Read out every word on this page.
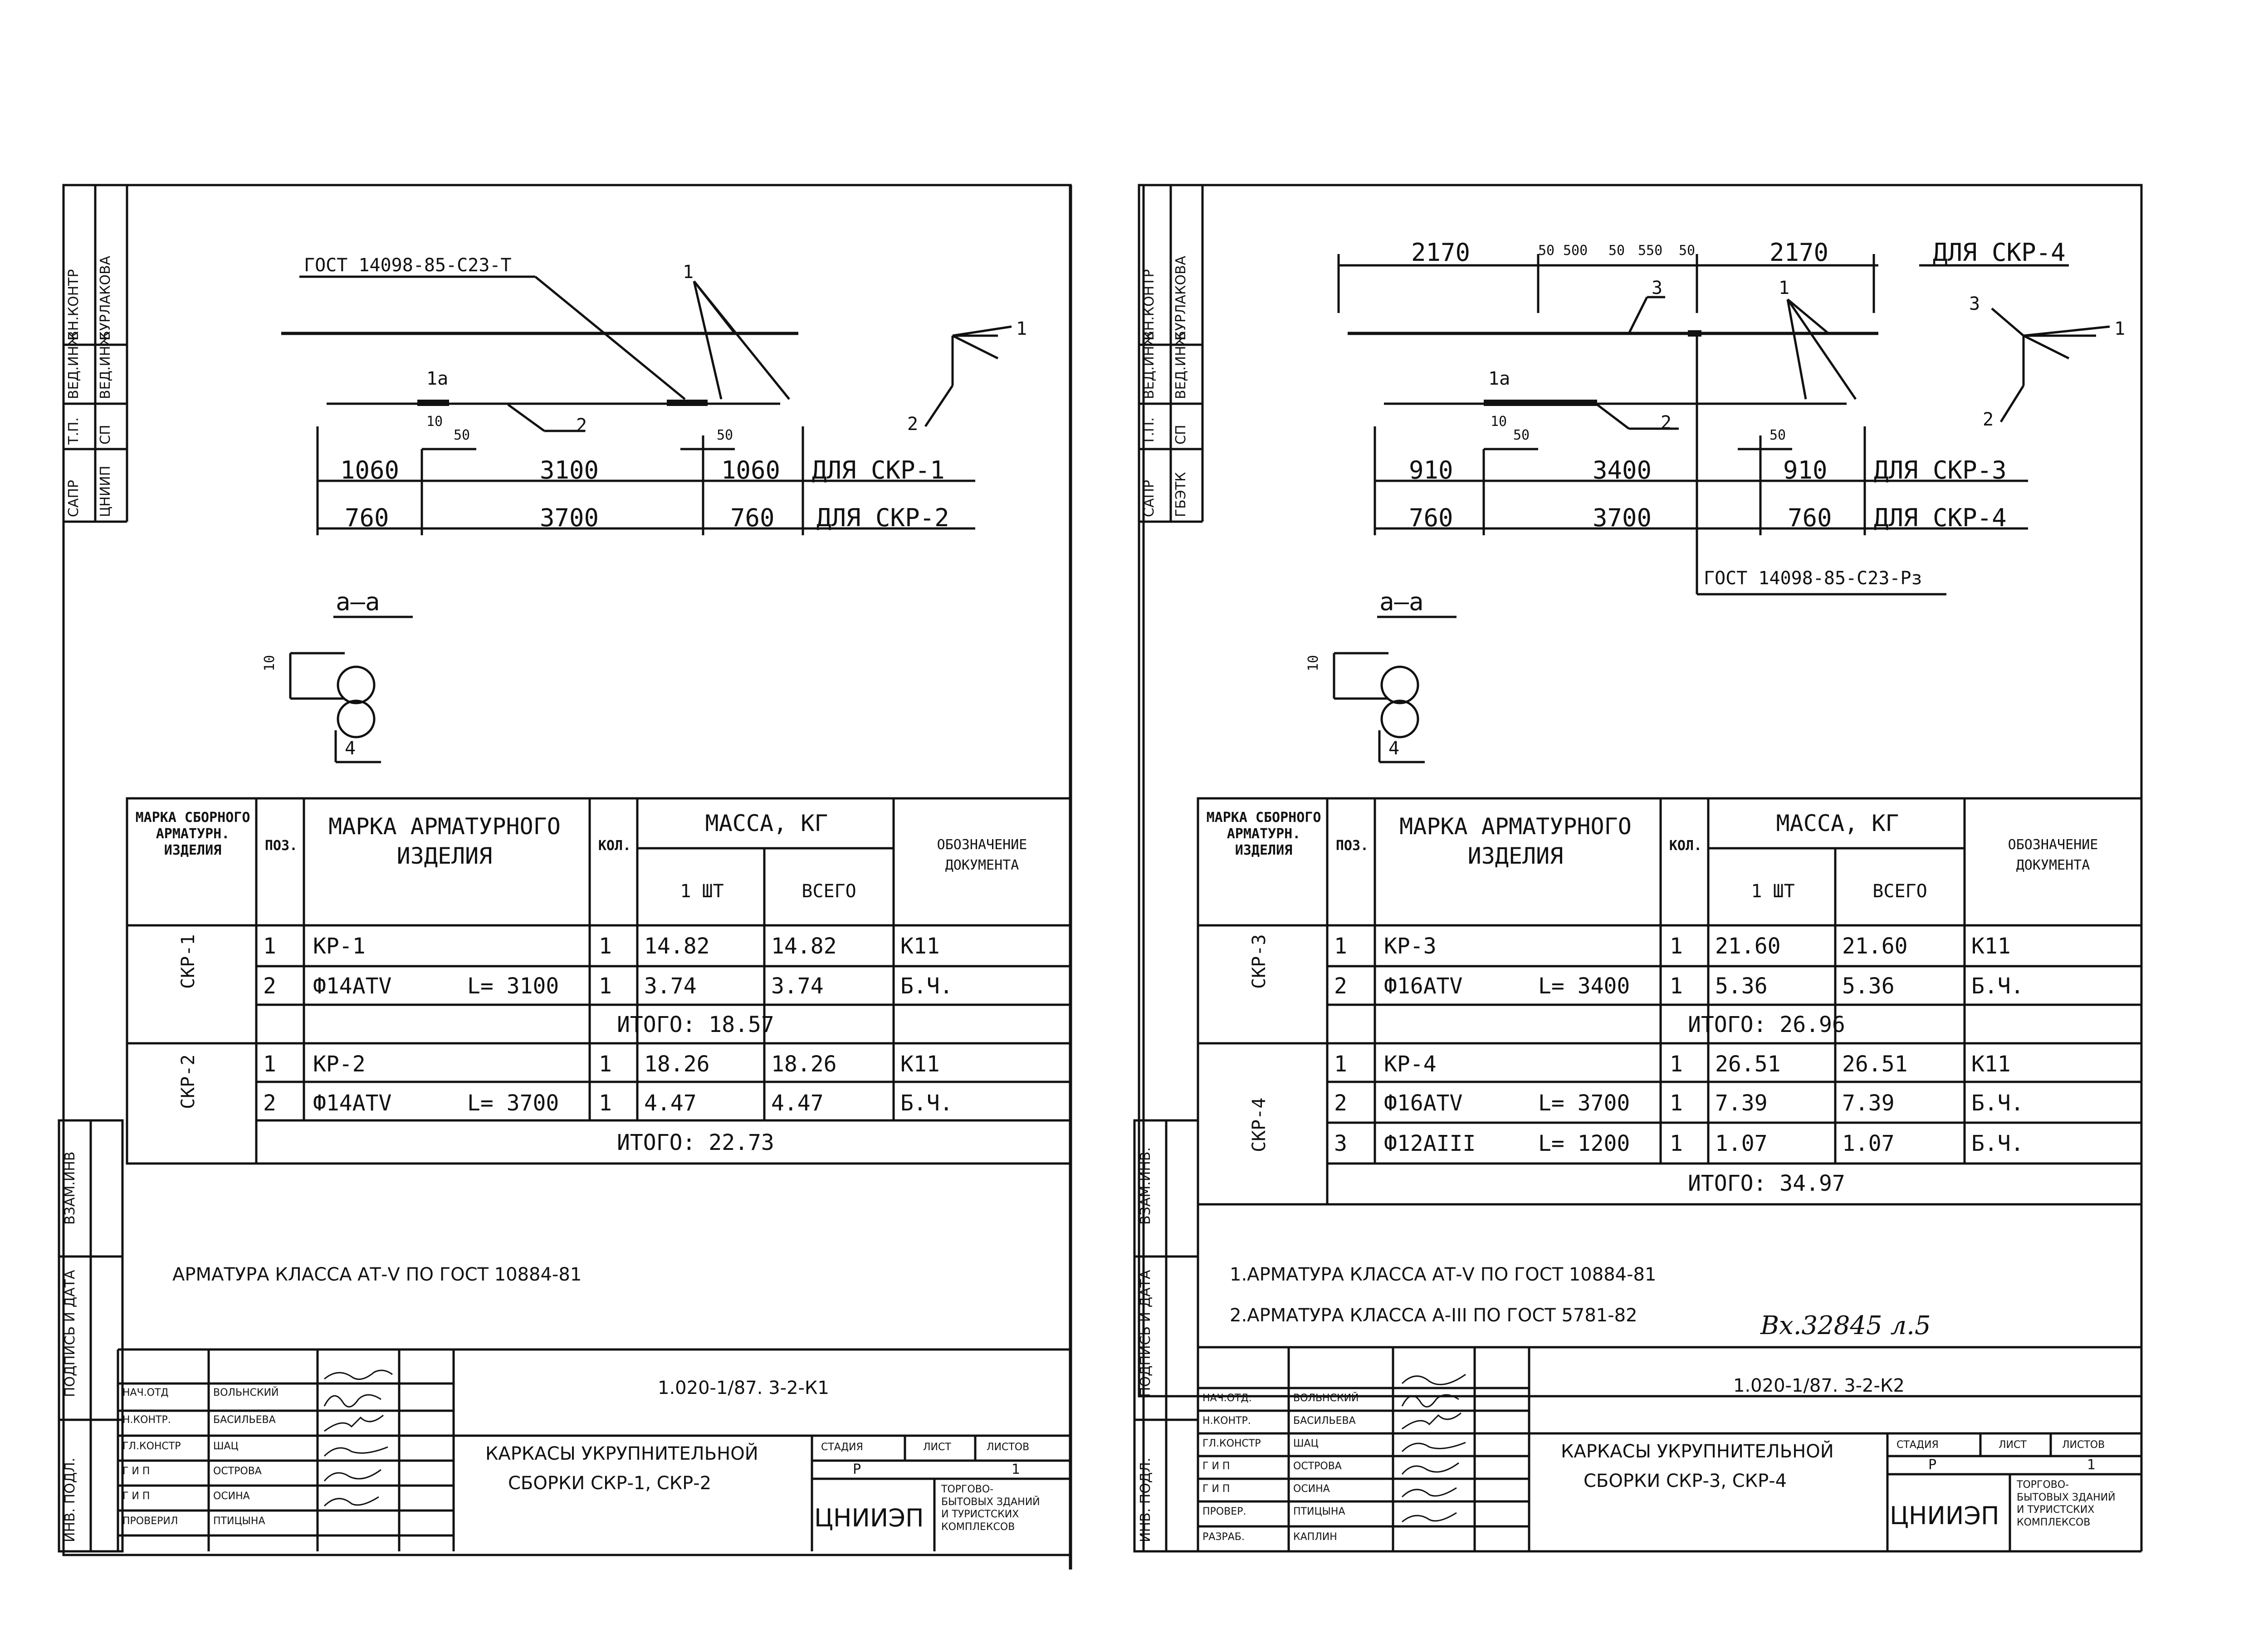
ВН.КОНТР БУРЛАКОВА
ВЕД.ИНЖ ВЕД.ИНЖ
Т.П. СП
САПР ЦНИИП
ГОСТ 14098-85-С23-Т	1
1а
2
1
2
10
50	50
1060	3100	1060 ДЛЯ СКР-1
760	3700	760 ДЛЯ СКР-2
а—а
10
4
МАРКА СБОРНОГО АРМАТУРН. ИЗДЕЛИЯ	ПОЗ.
МАРКА АРМАТУРНОГО ИЗДЕЛИЯ	КОЛ.
МАССА, КГ
1 ШТ	ВСЕГО
ОБОЗНАЧЕНИЕ ДОКУМЕНТА
СКР-1
СКР-2
1 КР-1	1 14.82	14.82	К11
2 Ф14АТV	L= 3100 1 3.74	3.74	Б.Ч.
ИТОГО: 18.57
1 КР-2	1 18.26	18.26	К11
2 Ф14АТV	L= 3700 1 4.47	4.47	Б.Ч.
ИТОГО: 22.73
АРМАТУРА КЛАССА АТ-V ПО ГОСТ 10884-81
ВЗАМ.ИНВ
ПОДПИСЬ И ДАТА
ИНВ. ПОДЛ.
1.020-1/87. 3-2-К1
КАРКАСЫ УКРУПНИТЕЛЬНОЙ
СБОРКИ СКР-1, СКР-2
СТАДИЯ	ЛИСТ	ЛИСТОВ
Р	1
ЦНИИЭП
ТОРГОВО-БЫТОВЫХ ЗДАНИЙ И ТУРИСТСКИХ КОМПЛЕКСОВ
НАЧ.ОТД	ВОЛЬНСКИЙ
Н.КОНТР.	БАСИЛЬЕВА
ГЛ.КОНСТР	ШАЦ
Г И П	ОСТРОВА
Г И П	ОСИНА
ПРОВЕРИЛ	ПТИЦЫНА
ВН.КОНТР БУРЛАКОВА
ВЕД.ИНЖ ВЕД.ИНЖ
Т.П. СП
САПР ГБЭТК
2170	50 500 50 550 50	2170	ДЛЯ СКР-4
3	1
1а
2
3
1
2
10
50	50
910	3400	910 ДЛЯ СКР-3
760	3700	760 ДЛЯ СКР-4
ГОСТ 14098-85-С23-Рз
а—а
10
4
МАРКА СБОРНОГО АРМАТУРН. ИЗДЕЛИЯ	ПОЗ.
МАРКА АРМАТУРНОГО ИЗДЕЛИЯ	КОЛ.
МАССА, КГ
1 ШТ	ВСЕГО
ОБОЗНАЧЕНИЕ ДОКУМЕНТА
СКР-3
СКР-4
1 КР-3	1 21.60	21.60	К11
2 Ф16АТV	L= 3400 1 5.36	5.36	Б.Ч.
ИТОГО: 26.96
1 КР-4	1 26.51	26.51	К11
2 Ф16АТV	L= 3700 1 7.39	7.39	Б.Ч.
3 Ф12АIII	L= 1200 1 1.07	1.07	Б.Ч.
ИТОГО: 34.97
1.АРМАТУРА КЛАССА АТ-V ПО ГОСТ 10884-81
2.АРМАТУРА КЛАССА А-III ПО ГОСТ 5781-82	Вх.32845 л.5
ВЗАМ.ИНВ.
ПОДПИСЬ И ДАТА
ИНВ. ПОДЛ.
1.020-1/87. 3-2-К2
КАРКАСЫ УКРУПНИТЕЛЬНОЙ
СБОРКИ СКР-3, СКР-4
СТАДИЯ	ЛИСТ	ЛИСТОВ
Р	1
ЦНИИЭП
ТОРГОВО-БЫТОВЫХ ЗДАНИЙ И ТУРИСТСКИХ КОМПЛЕКСОВ
НАЧ.ОТД.	ВОЛЬНСКИЙ
Н.КОНТР.	БАСИЛЬЕВА
ГЛ.КОНСТР	ШАЦ
Г И П	ОСТРОВА
Г И П	ОСИНА
ПРОВЕР.	ПТИЦЫНА
РАЗРАБ.	КАПЛИН
